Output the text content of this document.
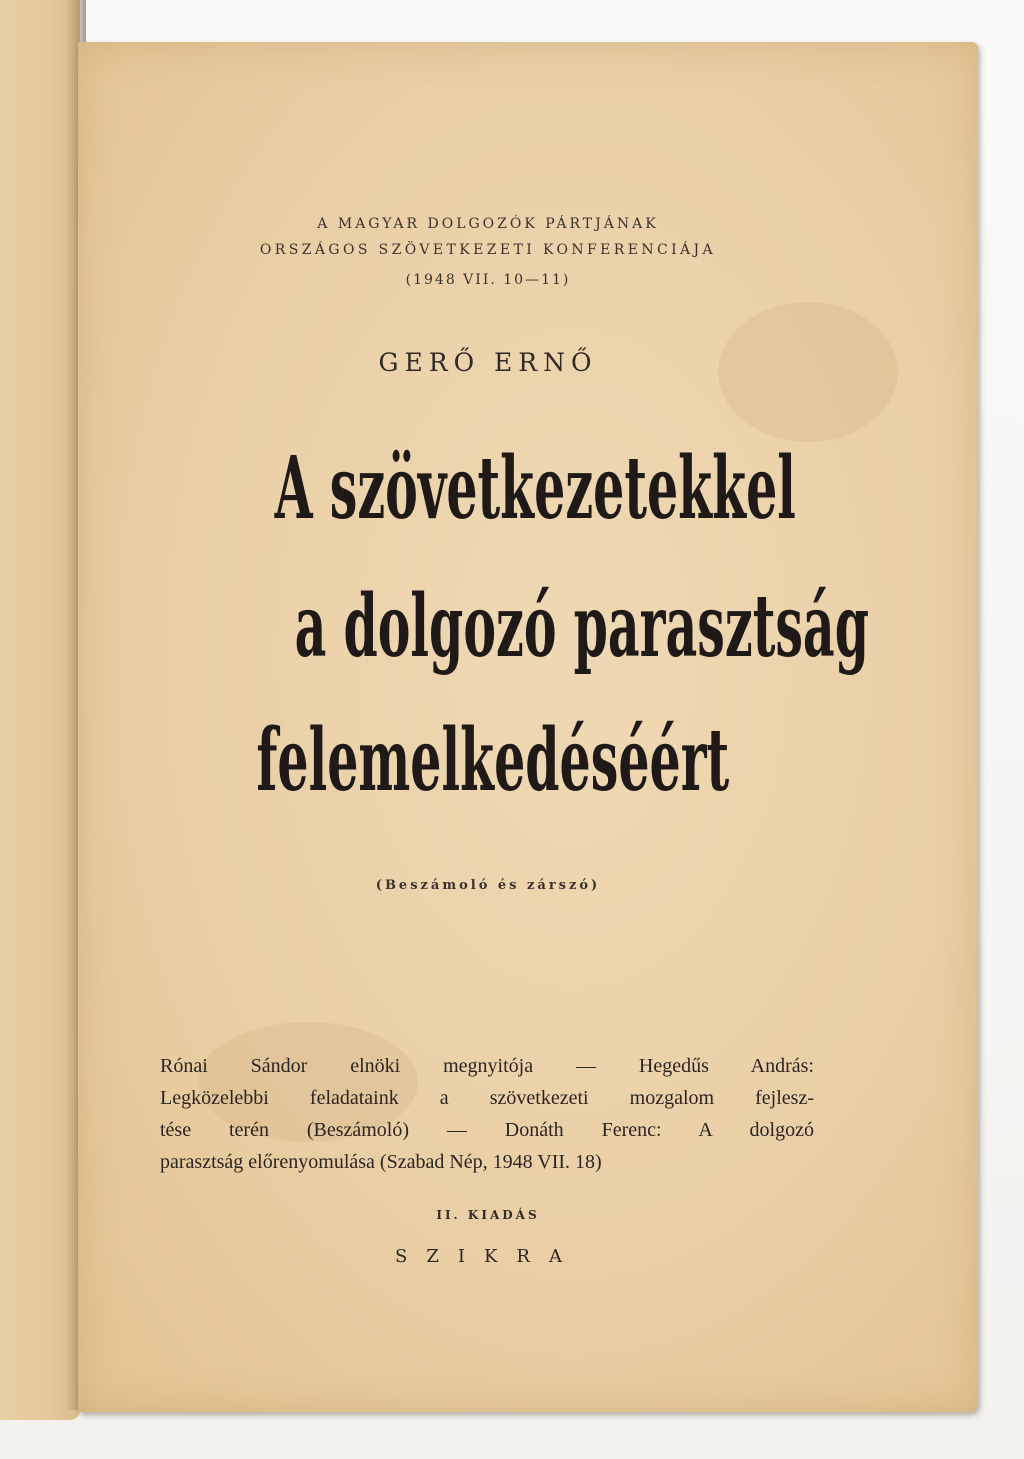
A MAGYAR DOLGOZÓK PÁRTJÁNAK
ORSZÁGOS SZÖVETKEZETI KONFERENCIÁJA
(1948 VII. 10—11)
GERŐ ERNŐ
A szövetkezetekkel
a dolgozó parasztság
felemelkedéséért
(Beszámoló és zárszó)
Rónai Sándor elnöki megnyitója — Hegedűs András:
Legközelebbi feladataink a szövetkezeti mozgalom fejlesz-
tése terén (Beszámoló) — Donáth Ferenc: A dolgozó
parasztság előrenyomulása (Szabad Nép, 1948 VII. 18)
II. KIADÁS
SZIKRA
